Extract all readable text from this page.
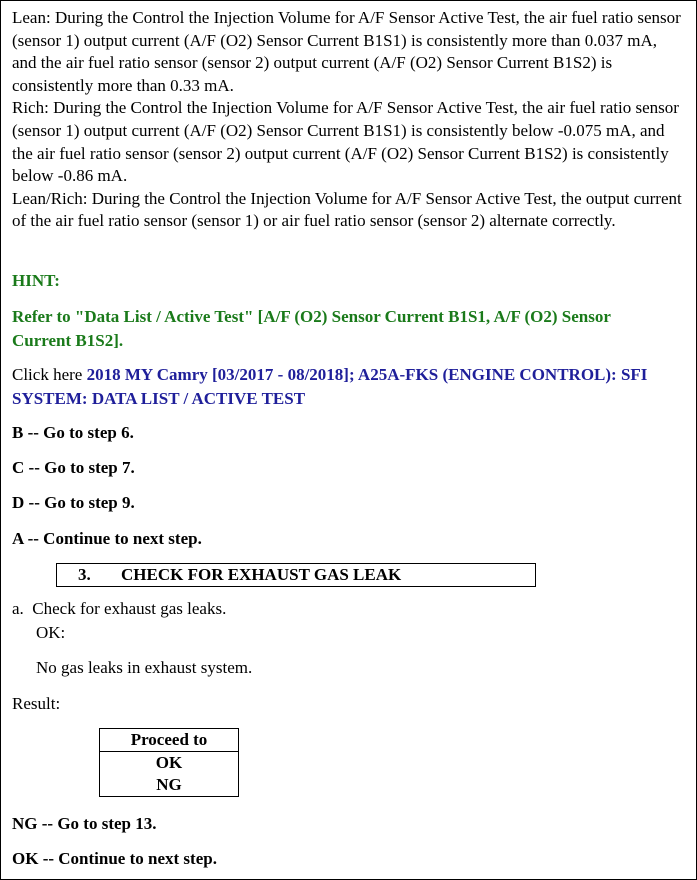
Lean: During the Control the Injection Volume for A/F Sensor Active Test, the air fuel ratio sensor (sensor 1) output current (A/F (O2) Sensor Current B1S1) is consistently more than 0.037 mA, and the air fuel ratio sensor (sensor 2) output current (A/F (O2) Sensor Current B1S2) is consistently more than 0.33 mA.

Rich: During the Control the Injection Volume for A/F Sensor Active Test, the air fuel ratio sensor (sensor 1) output current (A/F (O2) Sensor Current B1S1) is consistently below -0.075 mA, and the air fuel ratio sensor (sensor 2) output current (A/F (O2) Sensor Current B1S2) is consistently below -0.86 mA.

Lean/Rich: During the Control the Injection Volume for A/F Sensor Active Test, the output current of the air fuel ratio sensor (sensor 1) or air fuel ratio sensor (sensor 2) alternate correctly.

HINT:

Refer to "Data List / Active Test" [A/F (O2) Sensor Current B1S1, A/F (O2) Sensor Current B1S2].

Click here 2018 MY Camry [03/2017 - 08/2018]; A25A-FKS (ENGINE CONTROL): SFI SYSTEM: DATA LIST / ACTIVE TEST

B -- Go to step 6.

C -- Go to step 7.

D -- Go to step 9.

A -- Continue to next step.

3. CHECK FOR EXHAUST GAS LEAK

a.  Check for exhaust gas leaks.

OK:

No gas leaks in exhaust system.

Result:

Proceed to
OK
NG

NG -- Go to step 13.

OK -- Continue to next step.
